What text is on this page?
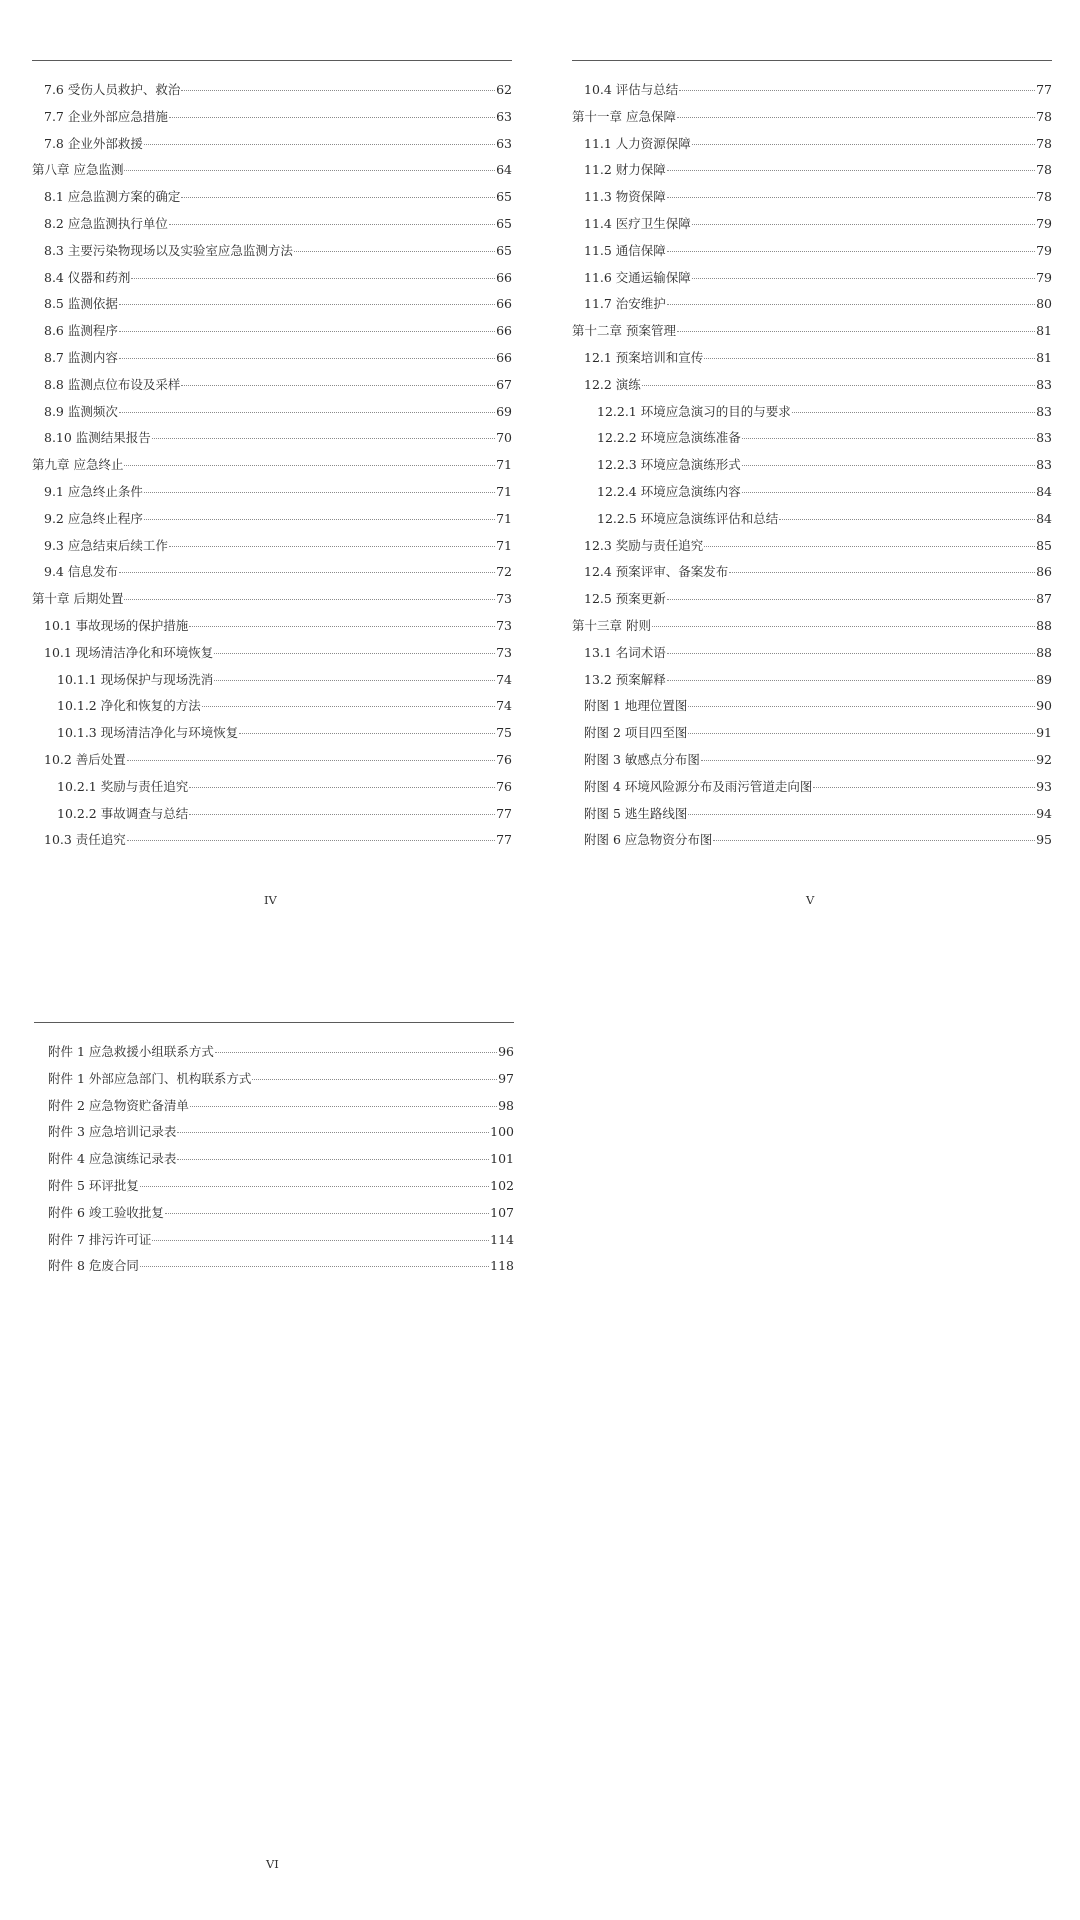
7.6 受伤人员救护、救治	62
7.7 企业外部应急措施	63
7.8 企业外部救援	63
第八章 应急监测	64
8.1 应急监测方案的确定	65
8.2 应急监测执行单位	65
8.3 主要污染物现场以及实验室应急监测方法	65
8.4 仪器和药剂	66
8.5 监测依据	66
8.6 监测程序	66
8.7 监测内容	66
8.8 监测点位布设及采样	67
8.9 监测频次	69
8.10 监测结果报告	70
第九章 应急终止	71
9.1 应急终止条件	71
9.2 应急终止程序	71
9.3 应急结束后续工作	71
9.4 信息发布	72
第十章 后期处置	73
10.1 事故现场的保护措施	73
10.1 现场清洁净化和环境恢复	73
10.1.1 现场保护与现场洗消	74
10.1.2 净化和恢复的方法	74
10.1.3 现场清洁净化与环境恢复	75
10.2 善后处置	76
10.2.1 奖励与责任追究	76
10.2.2 事故调查与总结	77
10.3 责任追究	77
IV
10.4 评估与总结	77
第十一章 应急保障	78
11.1 人力资源保障	78
11.2 财力保障	78
11.3 物资保障	78
11.4 医疗卫生保障	79
11.5 通信保障	79
11.6 交通运输保障	79
11.7 治安维护	80
第十二章 预案管理	81
12.1 预案培训和宣传	81
12.2 演练	83
12.2.1 环境应急演习的目的与要求	83
12.2.2 环境应急演练准备	83
12.2.3 环境应急演练形式	83
12.2.4 环境应急演练内容	84
12.2.5 环境应急演练评估和总结	84
12.3 奖励与责任追究	85
12.4 预案评审、备案发布	86
12.5 预案更新	87
第十三章 附则	88
13.1 名词术语	88
13.2 预案解释	89
附图 1 地理位置图	90
附图 2 项目四至图	91
附图 3 敏感点分布图	92
附图 4 环境风险源分布及雨污管道走向图	93
附图 5 逃生路线图	94
附图 6 应急物资分布图	95
V
附件 1 应急救援小组联系方式	96
附件 1 外部应急部门、机构联系方式	97
附件 2 应急物资贮备清单	98
附件 3 应急培训记录表	100
附件 4 应急演练记录表	101
附件 5 环评批复	102
附件 6 竣工验收批复	107
附件 7 排污许可证	114
附件 8 危废合同	118
VI
